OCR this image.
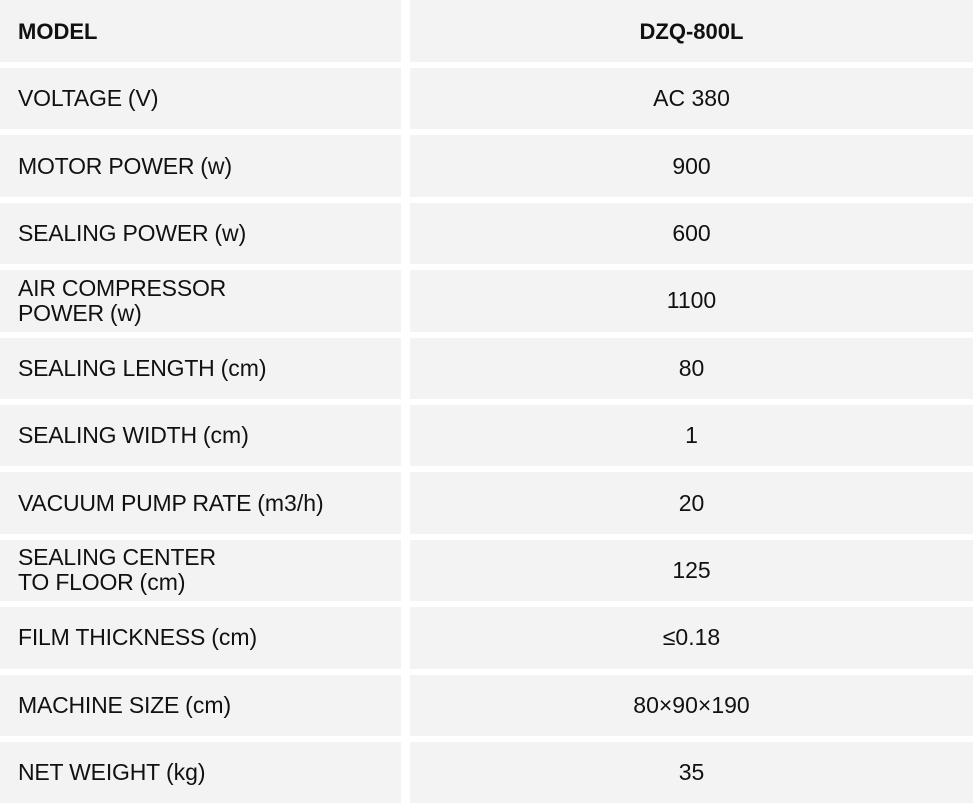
MODEL	DZQ-800L
VOLTAGE (V)	AC 380
MOTOR POWER (w)	900
SEALING POWER (w)	600
AIR COMPRESSOR
POWER (w)	1100
SEALING LENGTH (cm)	80
SEALING WIDTH (cm)	1
VACUUM PUMP RATE (m3/h)	20
SEALING CENTER
TO FLOOR (cm)	125
FILM THICKNESS (cm)	≤0.18
MACHINE SIZE (cm)	80×90×190
NET WEIGHT (kg)	35
